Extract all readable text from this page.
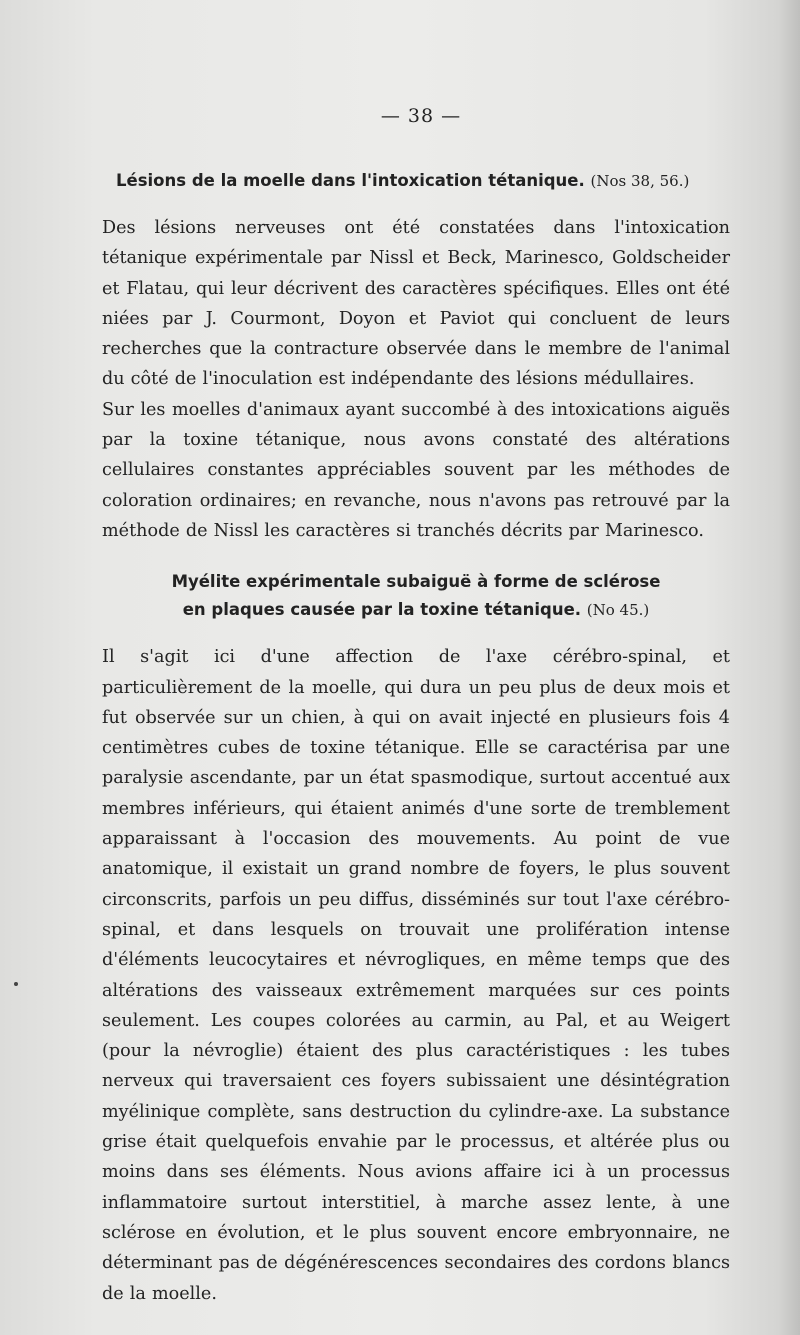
— 38 —
Lésions de la moelle dans l'intoxication tétanique. (Nos 38, 56.)

Des lésions nerveuses ont été constatées dans l'intoxication tétanique expérimentale par Nissl et Beck, Marinesco, Goldscheider et Flatau, qui leur décrivent des caractères spécifiques. Elles ont été niées par J. Courmont, Doyon et Paviot qui concluent de leurs recherches que la contracture observée dans le membre de l'animal du côté de l'inoculation est indépendante des lésions médullaires.

Sur les moelles d'animaux ayant succombé à des intoxications aiguës par la toxine tétanique, nous avons constaté des altérations cellulaires constantes appréciables souvent par les méthodes de coloration ordinaires; en revanche, nous n'avons pas retrouvé par la méthode de Nissl les caractères si tranchés décrits par Marinesco.

Myélite expérimentale subaiguë à forme de sclérose
en plaques causée par la toxine tétanique. (No 45.)

Il s'agit ici d'une affection de l'axe cérébro-spinal, et particulièrement de la moelle, qui dura un peu plus de deux mois et fut observée sur un chien, à qui on avait injecté en plusieurs fois 4 centimètres cubes de toxine tétanique. Elle se caractérisa par une paralysie ascendante, par un état spasmodique, surtout accentué aux membres inférieurs, qui étaient animés d'une sorte de tremblement apparaissant à l'occasion des mouvements. Au point de vue anatomique, il existait un grand nombre de foyers, le plus souvent circonscrits, parfois un peu diffus, disséminés sur tout l'axe cérébro-spinal, et dans lesquels on trouvait une prolifération intense d'éléments leucocytaires et névrogliques, en même temps que des altérations des vaisseaux extrêmement marquées sur ces points seulement. Les coupes colorées au carmin, au Pal, et au Weigert (pour la névroglie) étaient des plus caractéristiques : les tubes nerveux qui traversaient ces foyers subissaient une désintégration myélinique complète, sans destruction du cylindre-axe. La substance grise était quelquefois envahie par le processus, et altérée plus ou moins dans ses éléments. Nous avions affaire ici à un processus inflammatoire surtout interstitiel, à marche assez lente, à une sclérose en évolution, et le plus souvent encore embryonnaire, ne déterminant pas de dégénérescences secondaires des cordons blancs de la moelle.
